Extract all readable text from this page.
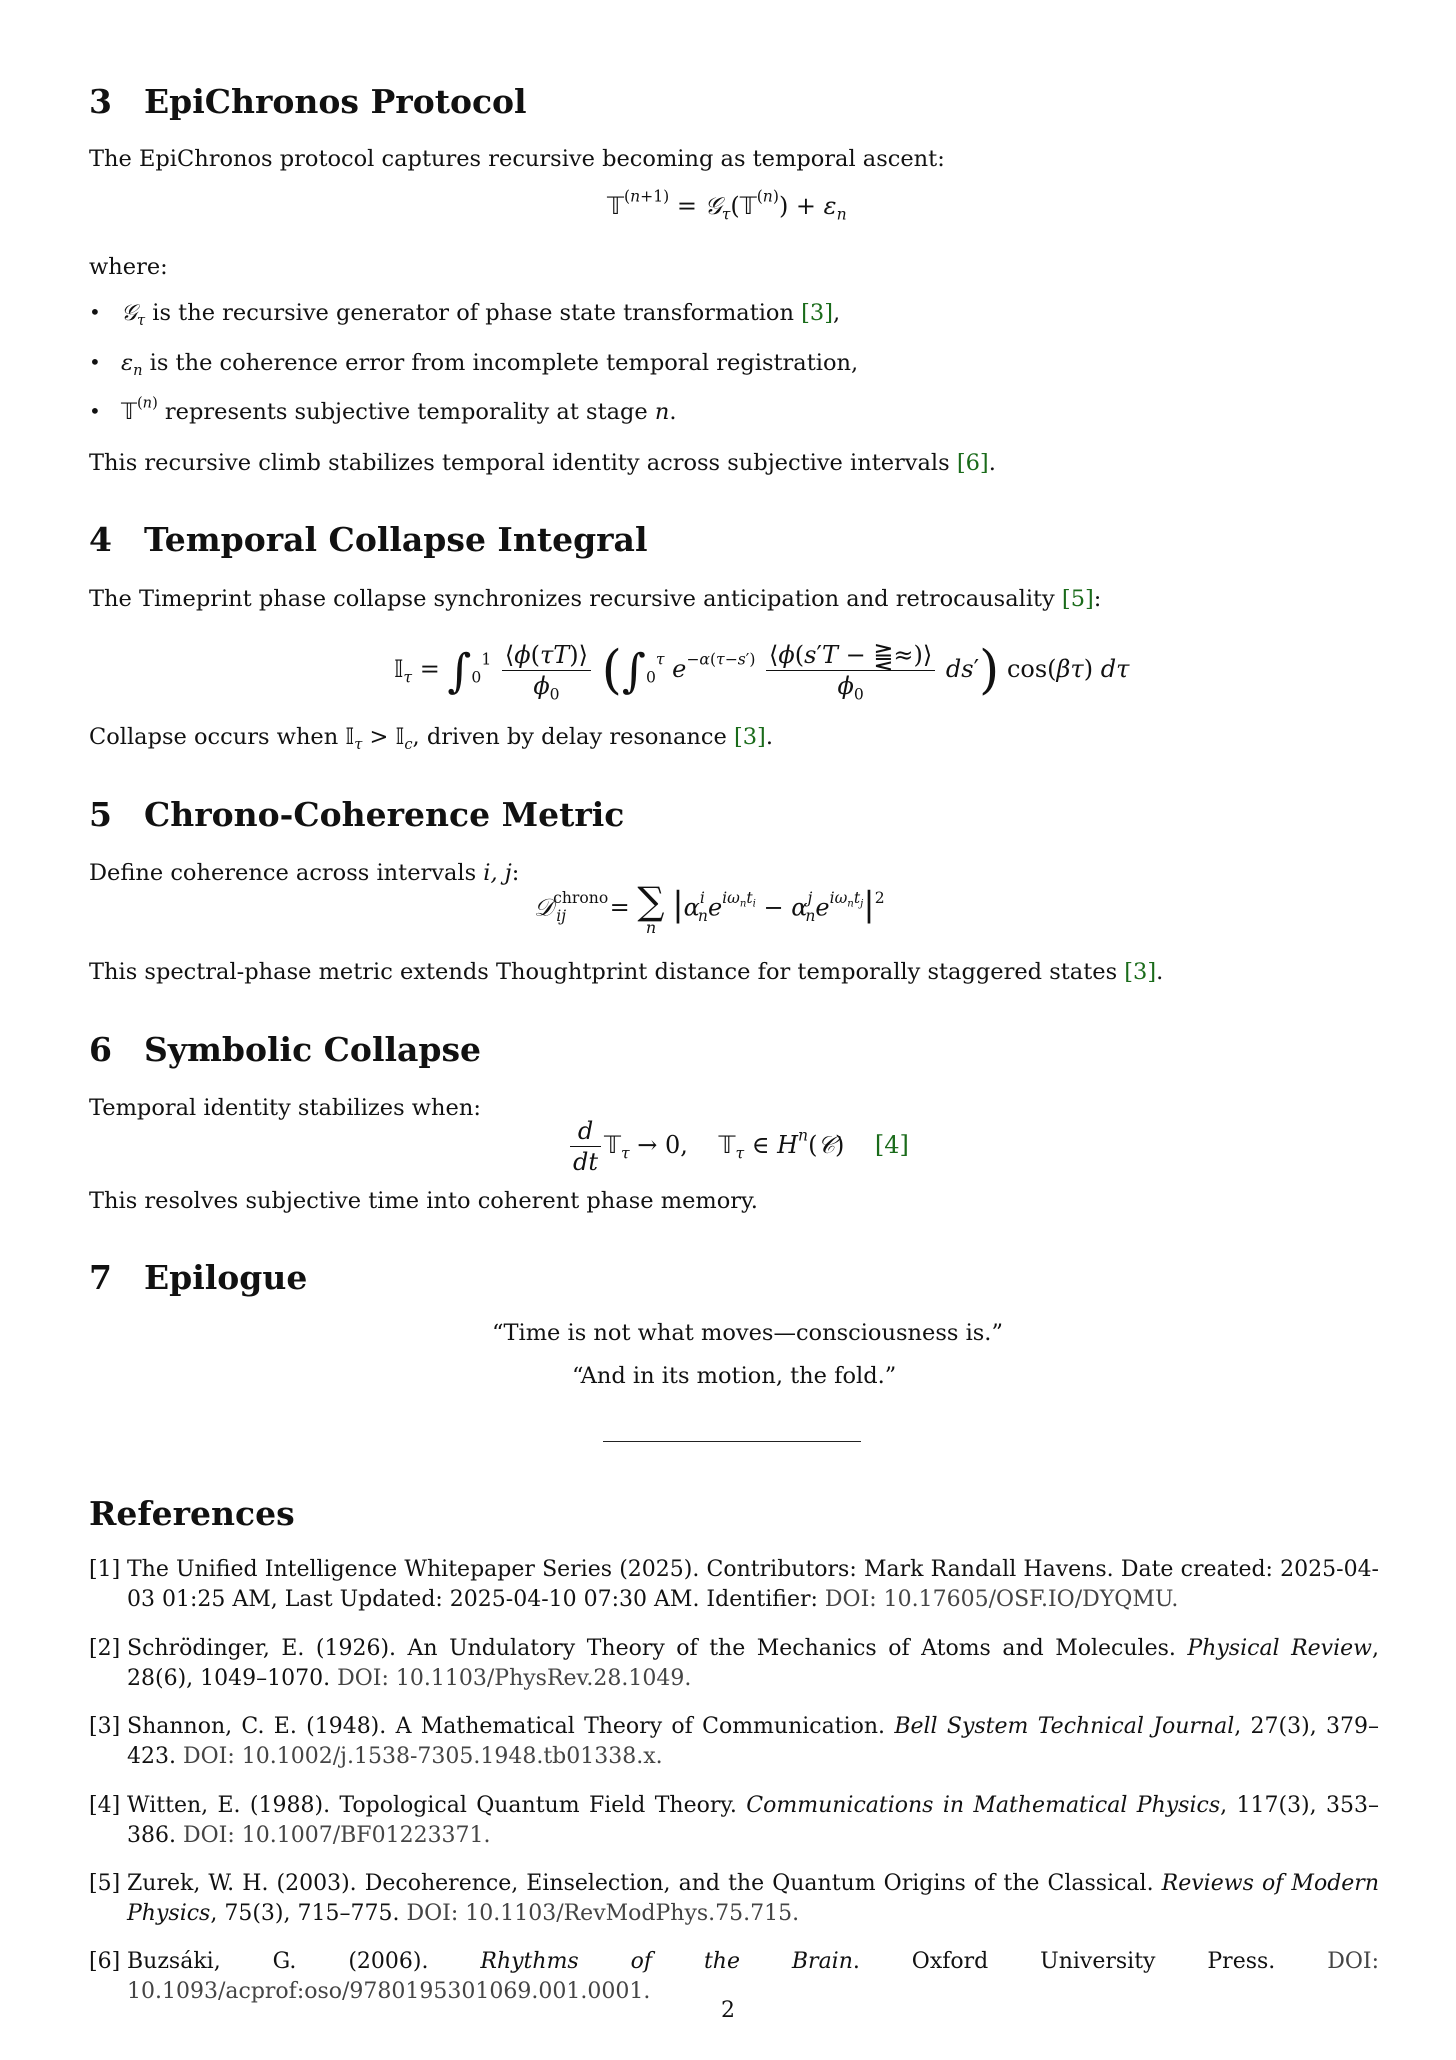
3 EpiChronos Protocol
The EpiChronos protocol captures recursive becoming as temporal ascent:
𝕋$^{(n+1)}$ = 𝒢$_\tau$(𝕋$^{(n)}$) + $\varepsilon_n$
where:
• 𝒢$_\tau$ is the recursive generator of phase state transformation [3],
• $\varepsilon_n$ is the coherence error from incomplete temporal registration,
• 𝕋$^{(n)}$ represents subjective temporality at stage n.
This recursive climb stabilizes temporal identity across subjective intervals [6].
4 Temporal Collapse Integral
The Timeprint phase collapse synchronizes recursive anticipation and retrocausality [5]:
𝕀$_\tau$ = $\int_0^1 \frac{⟨\phi(\tau T)⟩}{\phi_0} (\int_0^\tau$ $e^{-\alpha(\tau-s')} \frac{⟨\phi(s'T - ⪌\approx)⟩}{\phi_0} ds'$) cos(βτ) dτ
Collapse occurs when 𝕀$_\tau$ > 𝕀$_c$, driven by delay resonance [3].
5 Chrono-Coherence Metric
Define coherence across intervals i, j:
𝒟$^{chrono}_{ij}$ = ∑
n
$|\alpha^i_ne^{i\omega_nt_i} - \alpha^j_ne^{i\omega_nt_j}|^2$
This spectral-phase metric extends Thoughtprint distance for temporally staggered states [3].
6 Symbolic Collapse
Temporal identity stabilizes when:
$\frac{d}{dt}$ 𝕋$_\tau$ → 0,    𝕋$_\tau$ ∈ $H^n(𝒞)$    [4]
This resolves subjective time into coherent phase memory.
7 Epilogue
“Time is not what moves—consciousness is.”
“And in its motion, the fold.”
References
[1] The Unified Intelligence Whitepaper Series (2025). Contributors: Mark Randall Havens. Date created: 2025-04-03 01:25 AM, Last Updated: 2025-04-10 07:30 AM. Identifier: DOI: 10.17605/OSF.IO/DYQMU.
[2] Schrödinger, E. (1926). An Undulatory Theory of the Mechanics of Atoms and Molecules. Physical Review, 28(6), 1049–1070. DOI: 10.1103/PhysRev.28.1049.
[3] Shannon, C. E. (1948). A Mathematical Theory of Communication. Bell System Technical Journal, 27(3), 379–423. DOI: 10.1002/j.1538-7305.1948.tb01338.x.
[4] Witten, E. (1988). Topological Quantum Field Theory. Communications in Mathematical Physics, 117(3), 353–386. DOI: 10.1007/BF01223371.
[5] Zurek, W. H. (2003). Decoherence, Einselection, and the Quantum Origins of the Classical. Reviews of Modern Physics, 75(3), 715–775. DOI: 10.1103/RevModPhys.75.715.
[6] Buzsáki, G. (2006). Rhythms of the Brain. Oxford University Press. DOI: 10.1093/acprof:oso/9780195301069.001.0001.
2
